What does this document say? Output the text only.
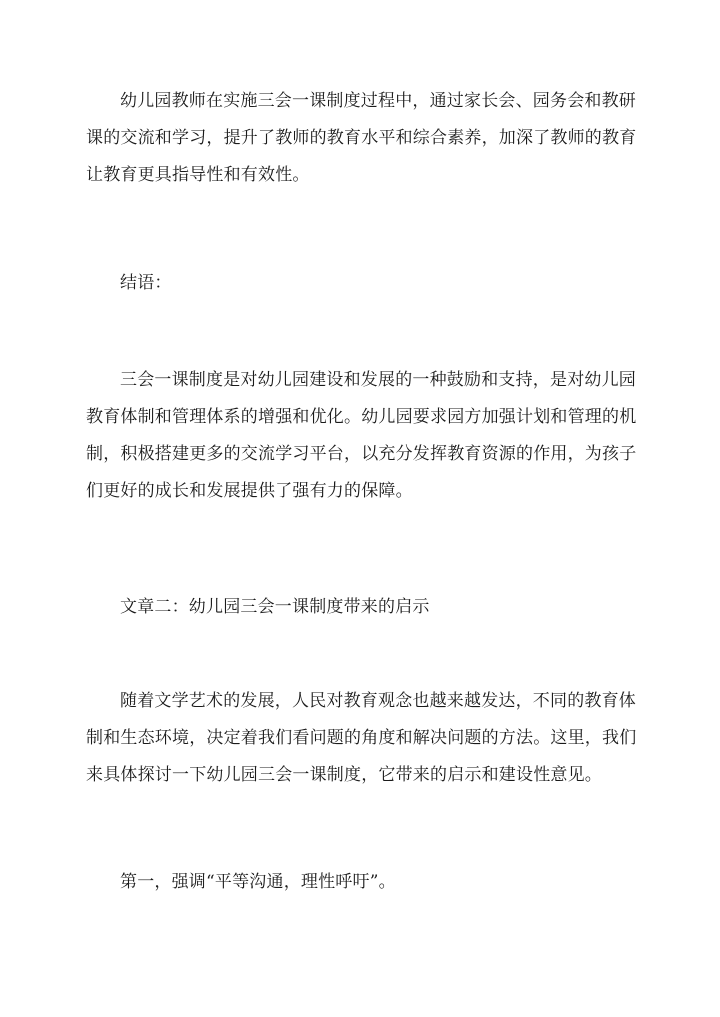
幼儿园教师在实施三会一课制度过程中，通过家长会、园务会和教研
课的交流和学习，提升了教师的教育水平和综合素养，加深了教师的教育
让教育更具指导性和有效性。

结语：

三会一课制度是对幼儿园建设和发展的一种鼓励和支持，是对幼儿园
教育体制和管理体系的增强和优化。幼儿园要求园方加强计划和管理的机
制，积极搭建更多的交流学习平台，以充分发挥教育资源的作用，为孩子
们更好的成长和发展提供了强有力的保障。

文章二：幼儿园三会一课制度带来的启示

随着文学艺术的发展，人民对教育观念也越来越发达，不同的教育体
制和生态环境，决定着我们看问题的角度和解决问题的方法。这里，我们
来具体探讨一下幼儿园三会一课制度，它带来的启示和建设性意见。

第一，强调“平等沟通，理性呼吁”。
